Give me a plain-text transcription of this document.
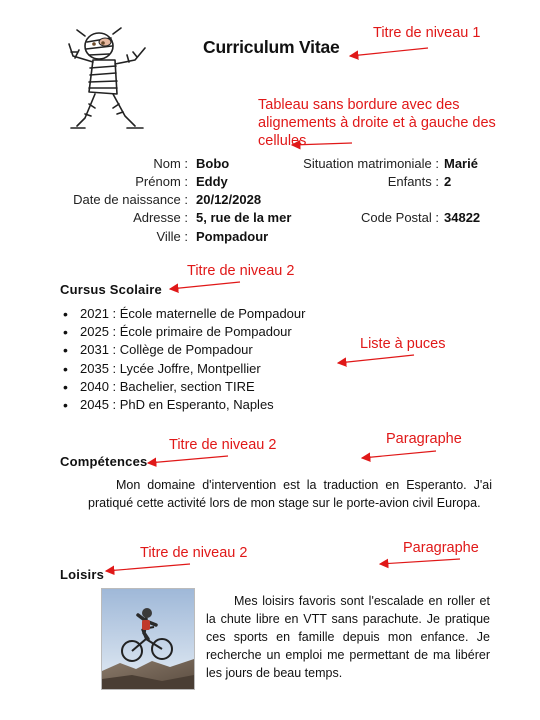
Curriculum Vitae
Titre de niveau 1
Tableau sans bordure avec des
alignements à droite et à gauche des
cellules
Titre de niveau 2
Liste à puces
Titre de niveau 2	Paragraphe
Titre de niveau 2	Paragraphe
Nom : Bobo
Prénom : Eddy
Date de naissance : 20/12/2028
Adresse : 5, rue de la mer
Ville : Pompadour
Situation matrimoniale : Marié
Enfants : 2
Code Postal : 34822
Cursus Scolaire
• 2021 : École maternelle de Pompadour
• 2025 : École primaire de Pompadour
• 2031 : Collège de Pompadour
• 2035 : Lycée Joffre, Montpellier
• 2040 : Bachelier, section TIRE
• 2045 : PhD en Esperanto, Naples
Compétences
Mon domaine d'intervention est la traduction en Esperanto. J'ai pratiqué cette activité lors de mon stage sur le porte-avion civil Europa.
Loisirs
Mes loisirs favoris sont l'escalade en roller et la chute libre en VTT sans parachute. Je pratique ces sports en famille depuis mon enfance. Je recherche un emploi me permettant de ma libérer les jours de beau temps.
